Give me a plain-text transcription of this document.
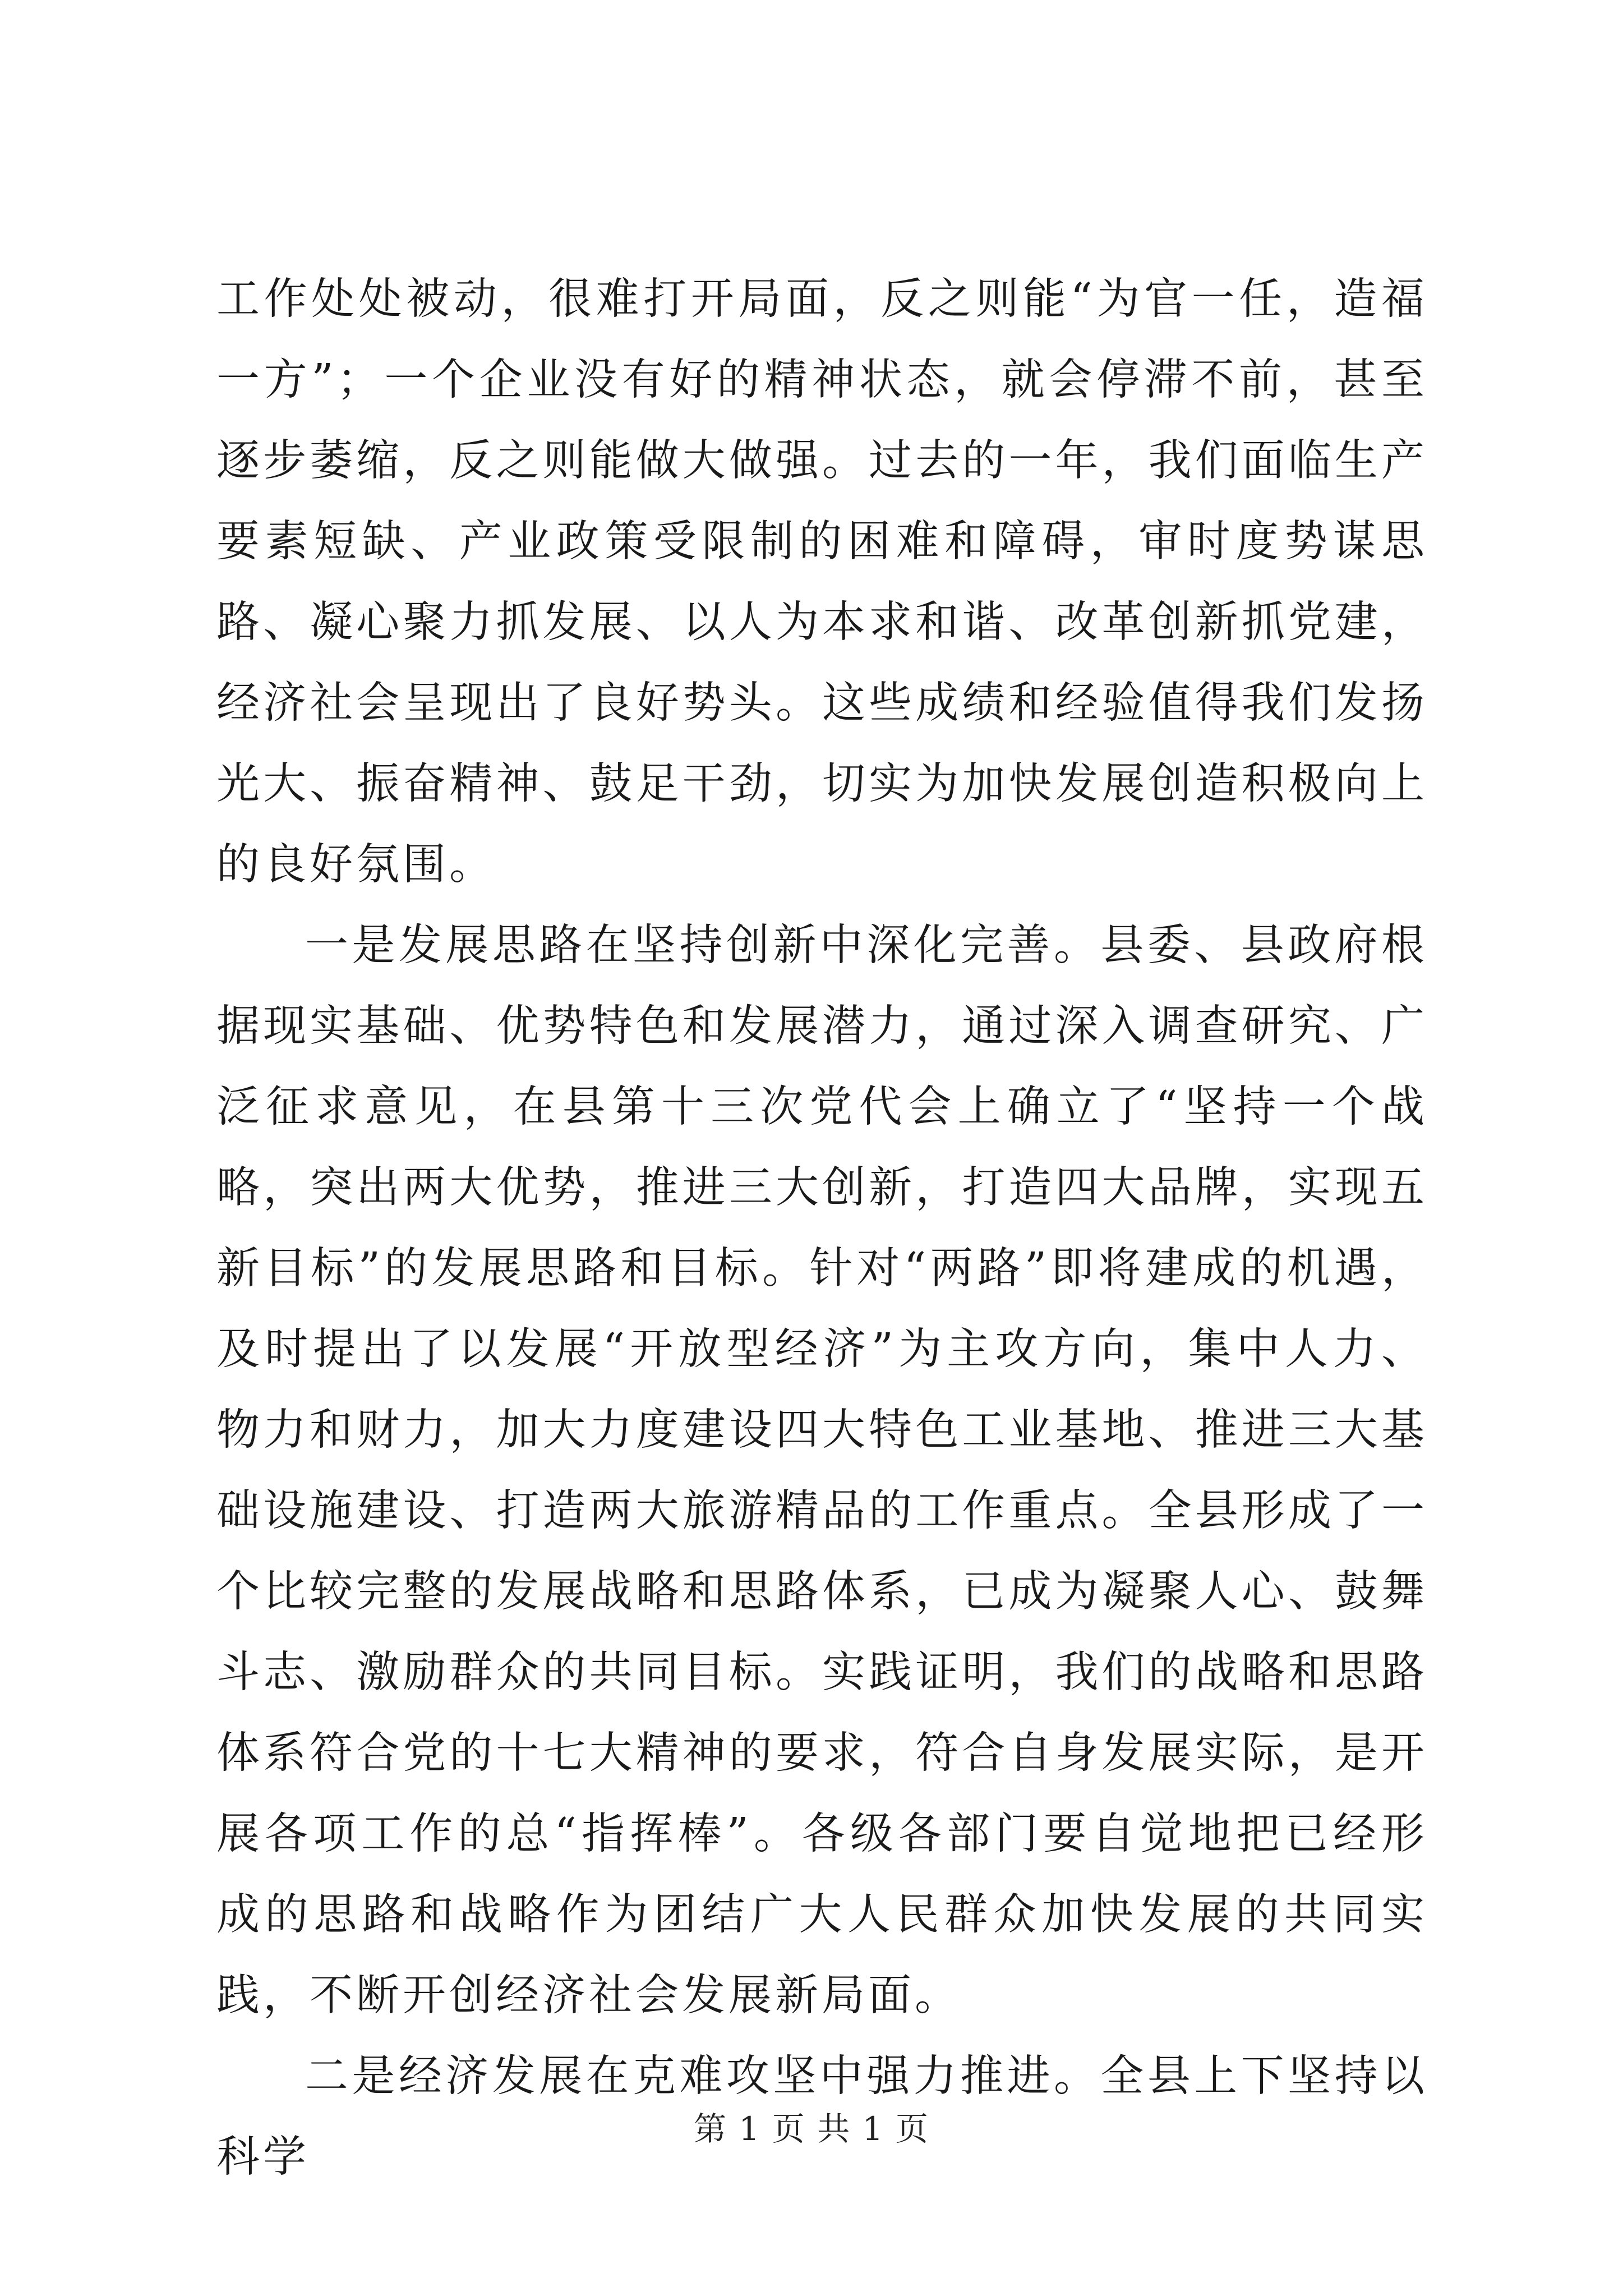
工作处处被动，很难打开局面，反之则能“为官一任，造福一方”；一个企业没有好的精神状态，就会停滞不前，甚至逐步萎缩，反之则能做大做强。过去的一年，我们面临生产要素短缺、产业政策受限制的困难和障碍，审时度势谋思路、凝心聚力抓发展、以人为本求和谐、改革创新抓党建，经济社会呈现出了良好势头。这些成绩和经验值得我们发扬光大、振奋精神、鼓足干劲，切实为加快发展创造积极向上的良好氛围。

一是发展思路在坚持创新中深化完善。县委、县政府根据现实基础、优势特色和发展潜力，通过深入调查研究、广泛征求意见，在县第十三次党代会上确立了“坚持一个战略，突出两大优势，推进三大创新，打造四大品牌，实现五新目标”的发展思路和目标。针对“两路”即将建成的机遇，及时提出了以发展“开放型经济”为主攻方向，集中人力、物力和财力，加大力度建设四大特色工业基地、推进三大基础设施建设、打造两大旅游精品的工作重点。全县形成了一个比较完整的发展战略和思路体系，已成为凝聚人心、鼓舞斗志、激励群众的共同目标。实践证明，我们的战略和思路体系符合党的十七大精神的要求，符合自身发展实际，是开展各项工作的总“指挥棒”。各级各部门要自觉地把已经形成的思路和战略作为团结广大人民群众加快发展的共同实践，不断开创经济社会发展新局面。

二是经济发展在克难攻坚中强力推进。全县上下坚持以科学

第 1 页 共 1 页
